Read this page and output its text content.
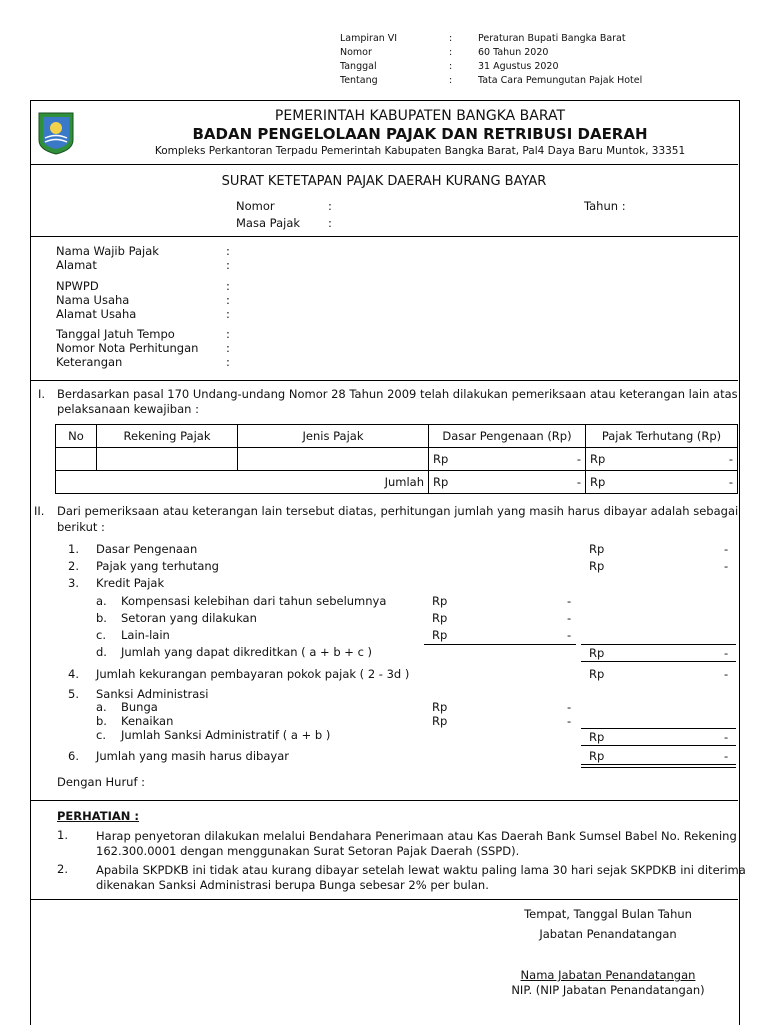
Lampiran VI	:	Peraturan Bupati Bangka Barat
Nomor	:	60 Tahun 2020
Tanggal	:	31 Agustus 2020
Tentang	:	Tata Cara Pemungutan Pajak Hotel
PEMERINTAH KABUPATEN BANGKA BARAT
BADAN PENGELOLAAN PAJAK DAN RETRIBUSI DAERAH
Kompleks Perkantoran Terpadu Pemerintah Kabupaten Bangka Barat, Pal4 Daya Baru Muntok, 33351
SURAT KETETAPAN PAJAK DAERAH KURANG BAYAR
Nomor	:
Masa Pajak :
Tahun :
Nama Wajib Pajak	:
Alamat	:
NPWPD	:
Nama Usaha	:
Alamat Usaha	:
Tanggal Jatuh Tempo	:
Nomor Nota Perhitungan :
Keterangan	:
I. Berdasarkan pasal 170 Undang-undang Nomor 28 Tahun 2009 telah dilakukan pemeriksaan atau keterangan lain atas
pelaksanaan kewajiban :
No	Rekening Pajak	Jenis Pajak	Dasar Pengenaan (Rp)	Pajak Terhutang (Rp)
			Rp -	Rp -

Jumlah			Rp -	Rp -
II. Dari pemeriksaan atau keterangan lain tersebut diatas, perhitungan jumlah yang masih harus dibayar adalah sebagai
berikut :
1. Dasar Pengenaan	Rp	-
2. Pajak yang terhutang	Rp	-
3. Kredit Pajak
a. Kompensasi kelebihan dari tahun sebelumnya	Rp	-
b. Setoran yang dilakukan	Rp	-
c. Lain-lain	Rp	-
d. Jumlah yang dapat dikreditkan ( a + b + c )	Rp	-
4. Jumlah kekurangan pembayaran pokok pajak ( 2 - 3d )	Rp	-
5. Sanksi Administrasi
a. Bunga	Rp	-
b. Kenaikan	Rp	-
c. Jumlah Sanksi Administratif ( a + b )	Rp	-
6. Jumlah yang masih harus dibayar	Rp	-
Dengan Huruf :
PERHATIAN :
1. Harap penyetoran dilakukan melalui Bendahara Penerimaan atau Kas Daerah Bank Sumsel Babel No. Rekening
162.300.0001 dengan menggunakan Surat Setoran Pajak Daerah (SSPD).
2. Apabila SKPDKB ini tidak atau kurang dibayar setelah lewat waktu paling lama 30 hari sejak SKPDKB ini diterima
dikenakan Sanksi Administrasi berupa Bunga sebesar 2% per bulan.
Tempat, Tanggal Bulan Tahun
Jabatan Penandatangan
Nama Jabatan Penandatangan
NIP. (NIP Jabatan Penandatangan)
